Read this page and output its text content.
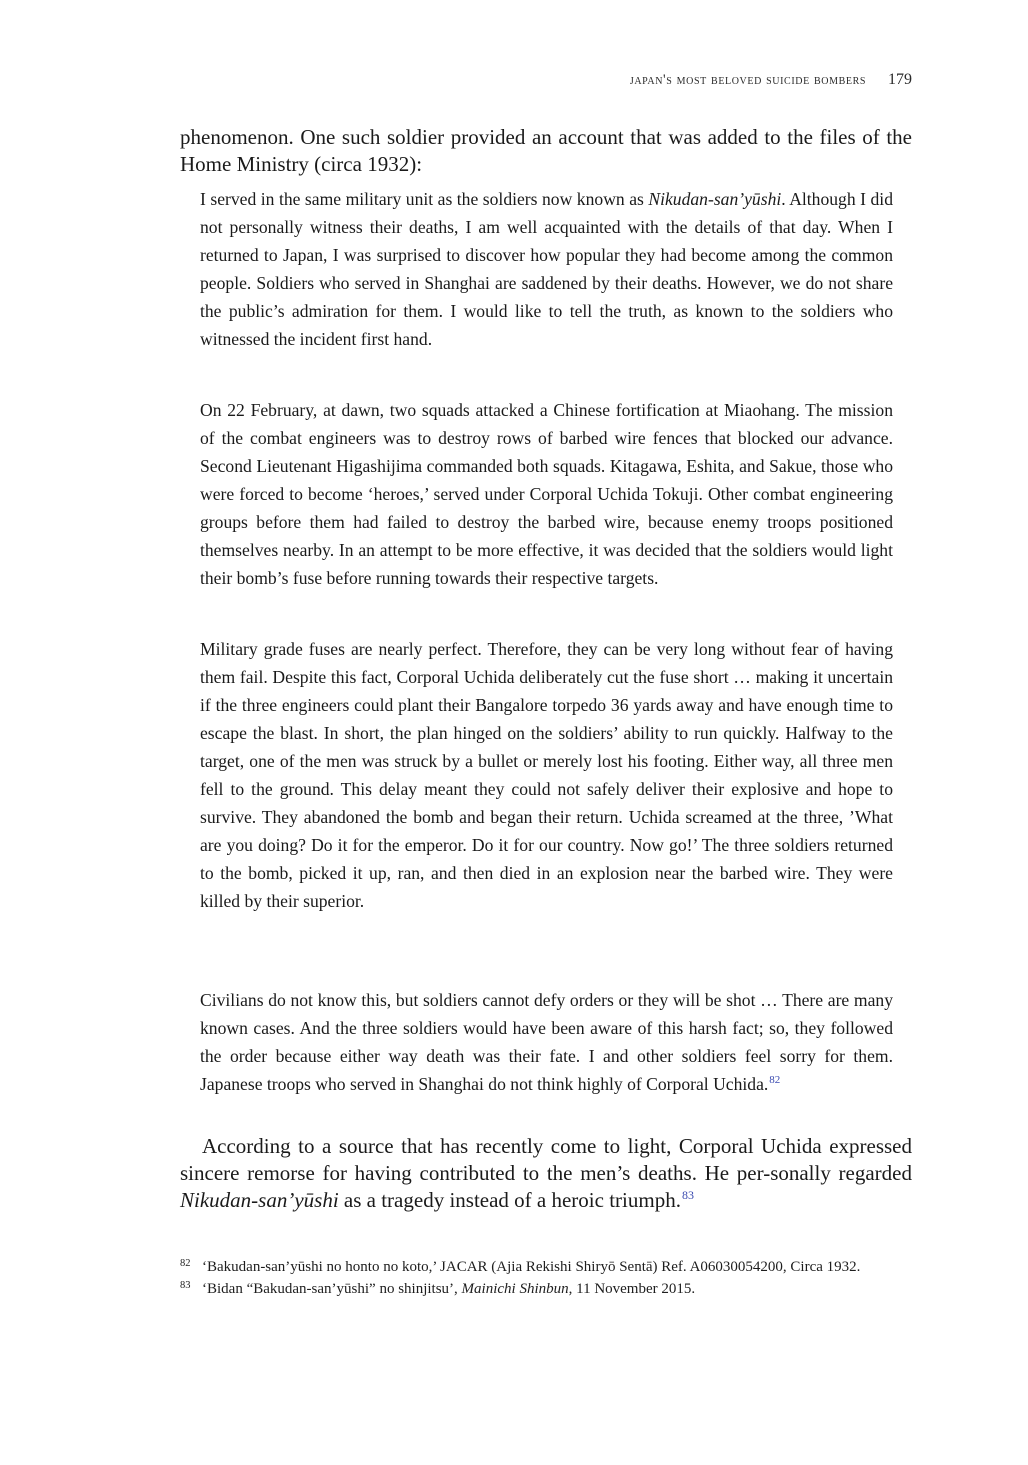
japan's most beloved suicide bombers 179

phenomenon. One such soldier provided an account that was added to the files of the Home Ministry (circa 1932):

I served in the same military unit as the soldiers now known as Nikudan-san’yūshi. Although I did not personally witness their deaths, I am well acquainted with the details of that day. When I returned to Japan, I was surprised to discover how popular they had become among the common people. Soldiers who served in Shanghai are saddened by their deaths. However, we do not share the public’s admiration for them. I would like to tell the truth, as known to the soldiers who witnessed the incident first hand.

On 22 February, at dawn, two squads attacked a Chinese fortification at Miaohang. The mission of the combat engineers was to destroy rows of barbed wire fences that blocked our advance. Second Lieutenant Higashijima commanded both squads. Kitagawa, Eshita, and Sakue, those who were forced to become ‘heroes,’ served under Corporal Uchida Tokuji. Other combat engineering groups before them had failed to destroy the barbed wire, because enemy troops positioned themselves nearby. In an attempt to be more effective, it was decided that the soldiers would light their bomb’s fuse before running towards their respective targets.

Military grade fuses are nearly perfect. Therefore, they can be very long without fear of having them fail. Despite this fact, Corporal Uchida deliberately cut the fuse short … making it uncertain if the three engineers could plant their Bangalore torpedo 36 yards away and have enough time to escape the blast. In short, the plan hinged on the soldiers’ ability to run quickly. Halfway to the target, one of the men was struck by a bullet or merely lost his footing. Either way, all three men fell to the ground. This delay meant they could not safely deliver their explosive and hope to survive. They abandoned the bomb and began their return. Uchida screamed at the three, ’What are you doing? Do it for the emperor. Do it for our country. Now go!’ The three soldiers returned to the bomb, picked it up, ran, and then died in an explosion near the barbed wire. They were killed by their superior.

Civilians do not know this, but soldiers cannot defy orders or they will be shot … There are many known cases. And the three soldiers would have been aware of this harsh fact; so, they followed the order because either way death was their fate. I and other soldiers feel sorry for them. Japanese troops who served in Shanghai do not think highly of Corporal Uchida.$^{82}$

According to a source that has recently come to light, Corporal Uchida expressed sincere remorse for having contributed to the men’s deaths. He per-sonally regarded Nikudan-san’yūshi as a tragedy instead of a heroic triumph.$^{83}$

82 ‘Bakudan-san’yūshi no honto no koto,’ JACAR (Ajia Rekishi Shiryō Sentā) Ref. A06030054200, Circa 1932.

83 ‘Bidan “Bakudan-san’yūshi” no shinjitsu’, Mainichi Shinbun, 11 November 2015.
